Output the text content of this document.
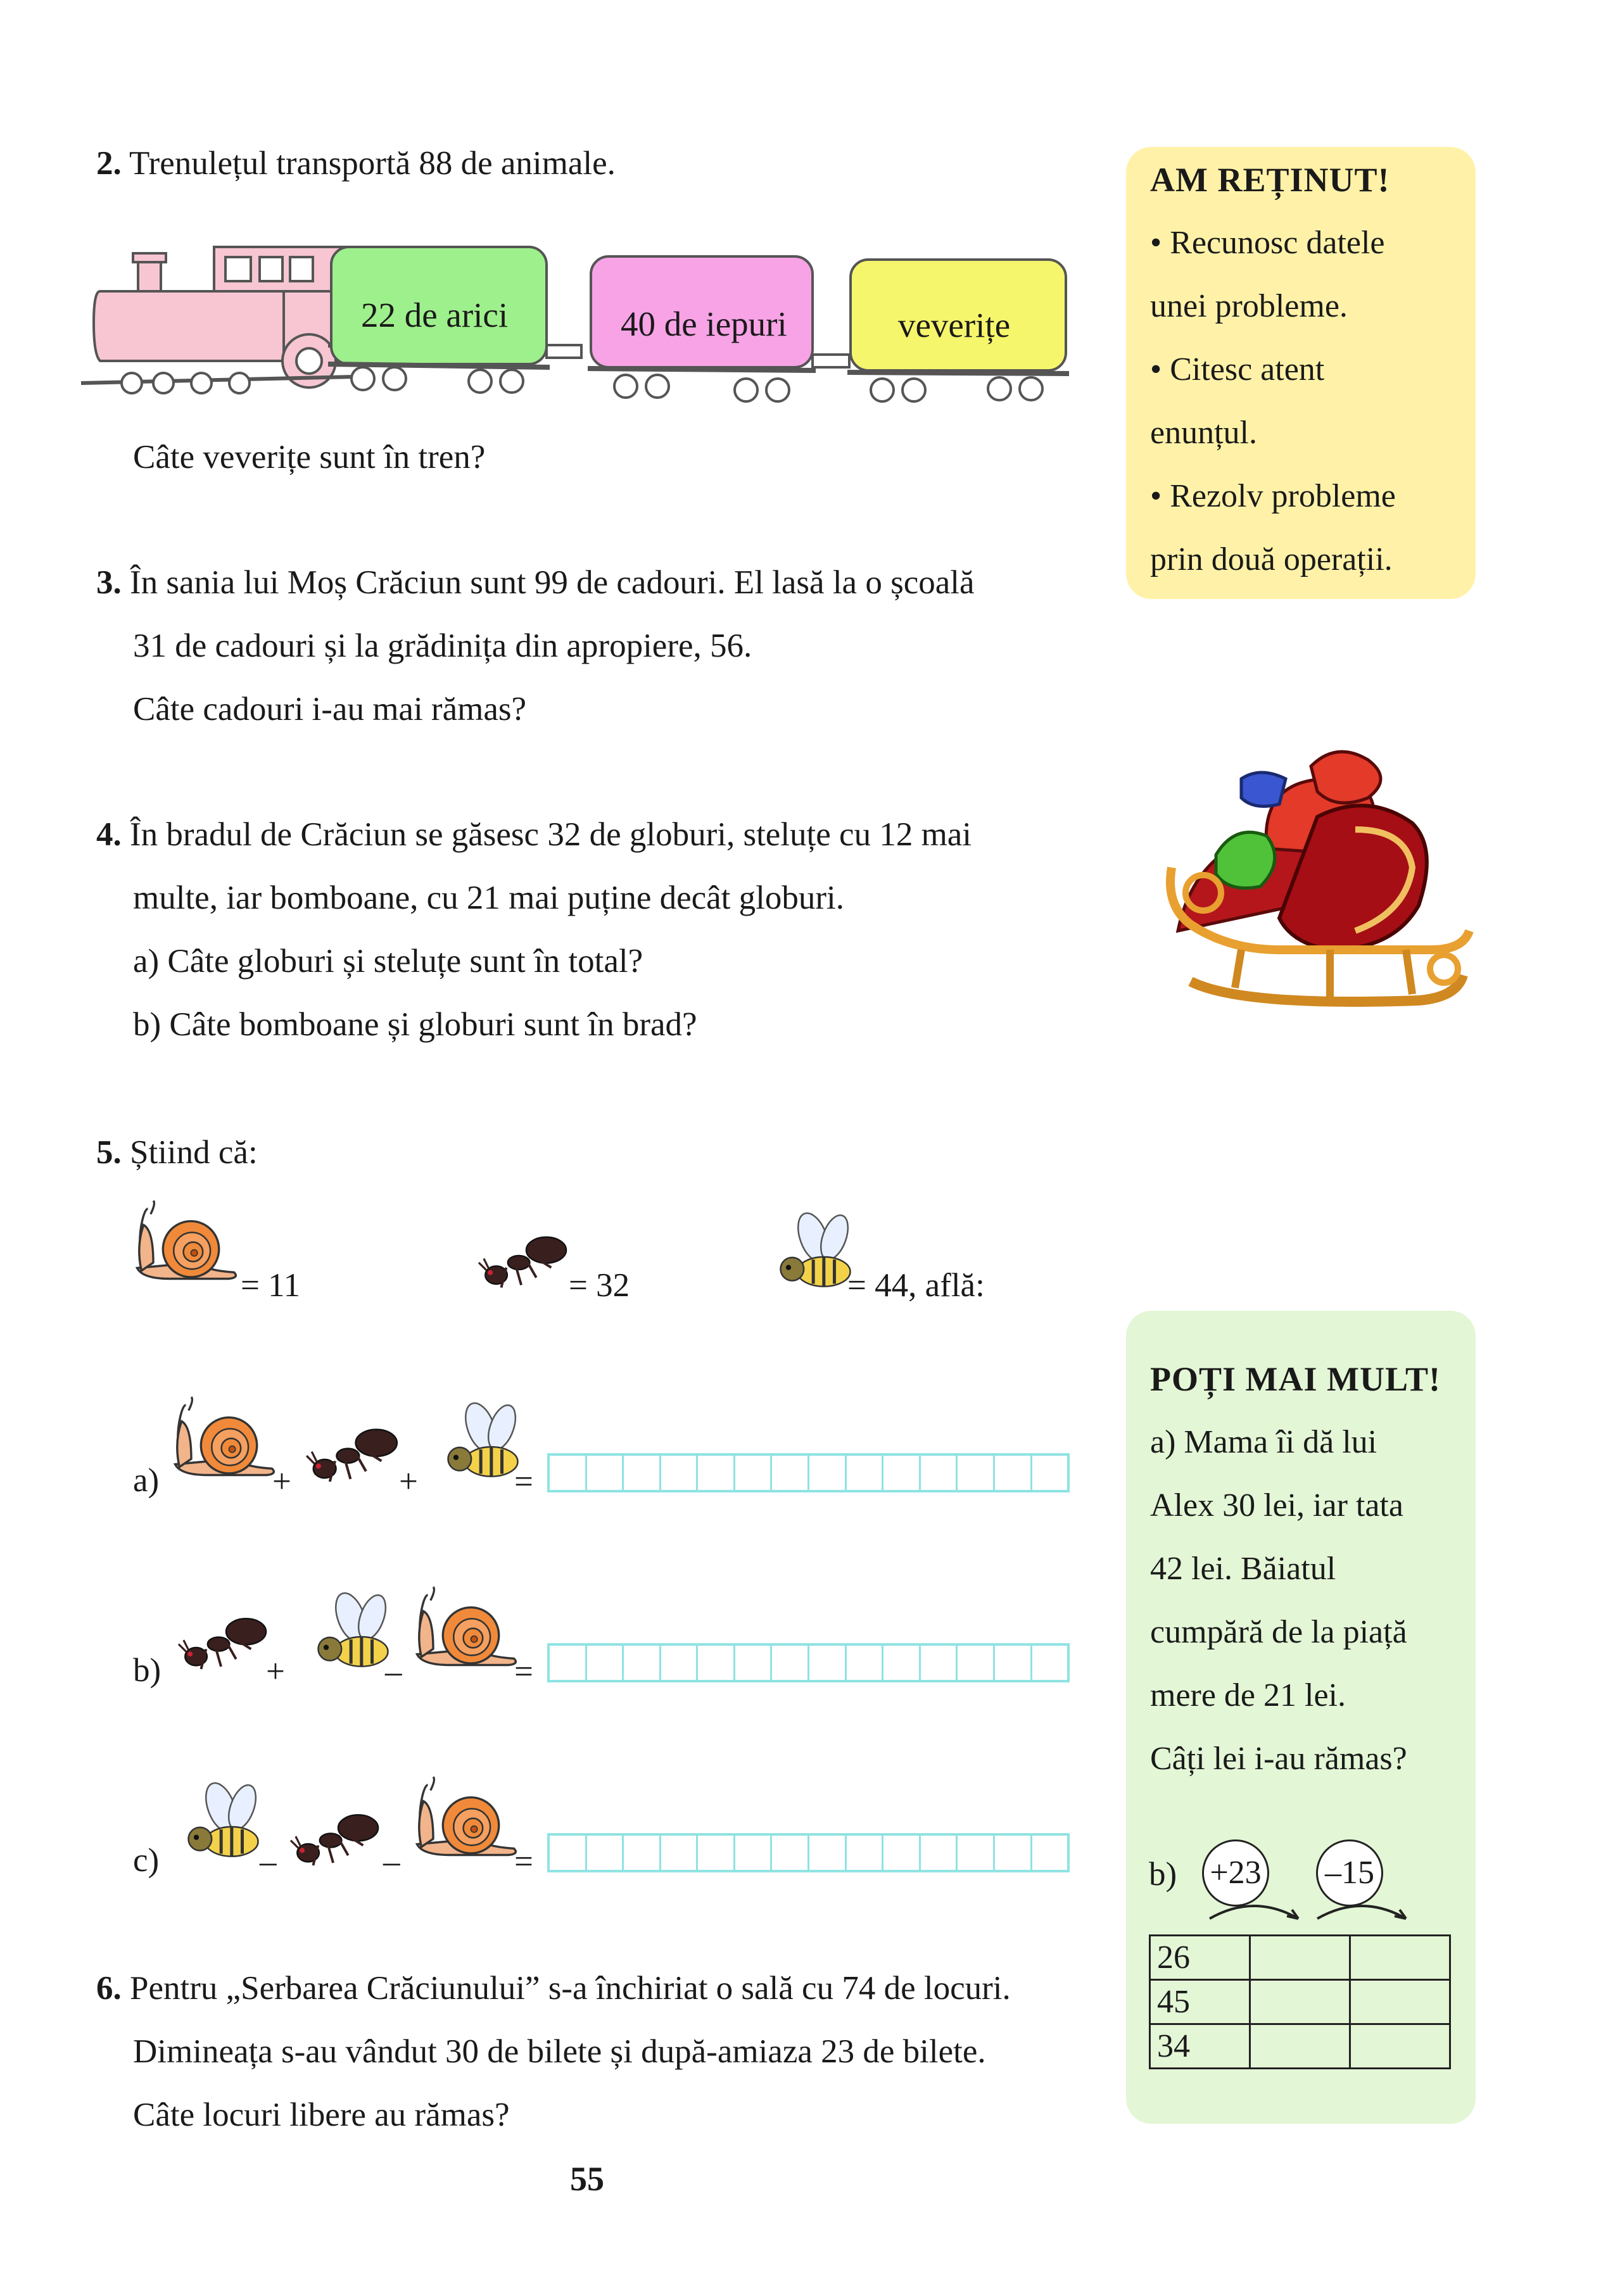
2. Trenulețul transportă 88 de animale.
22 de arici	40 de iepuri	veverițe
Câte veverițe sunt în tren?
3. În sania lui Moș Crăciun sunt 99 de cadouri. El lasă la o școală
31 de cadouri și la grădinița din apropiere, 56.
Câte cadouri i-au mai rămas?
4. În bradul de Crăciun se găsesc 32 de globuri, steluțe cu 12 mai
multe, iar bomboane, cu 21 mai puține decât globuri.
a) Câte globuri și steluțe sunt în total?
b) Câte bomboane și globuri sunt în brad?
5. Știind că:
= 11	= 32	= 44, află:
a)	+	+	=
b)	+	–	=
c)	–	–	=
6. Pentru „Serbarea Crăciunului” s-a închiriat o sală cu 74 de locuri.
Dimineața s-au vândut 30 de bilete și după-amiaza 23 de bilete.
Câte locuri libere au rămas?
55
AM REȚINUT!
• Recunosc datele
unei probleme.
• Citesc atent
enunțul.
• Rezolv probleme
prin două operații.
POȚI MAI MULT!
a) Mama îi dă lui
Alex 30 lei, iar tata
42 lei. Băiatul
cumpără de la piață
mere de 21 lei.
Câți lei i-au rămas?
b) +23 –15
26		
45		
34		
